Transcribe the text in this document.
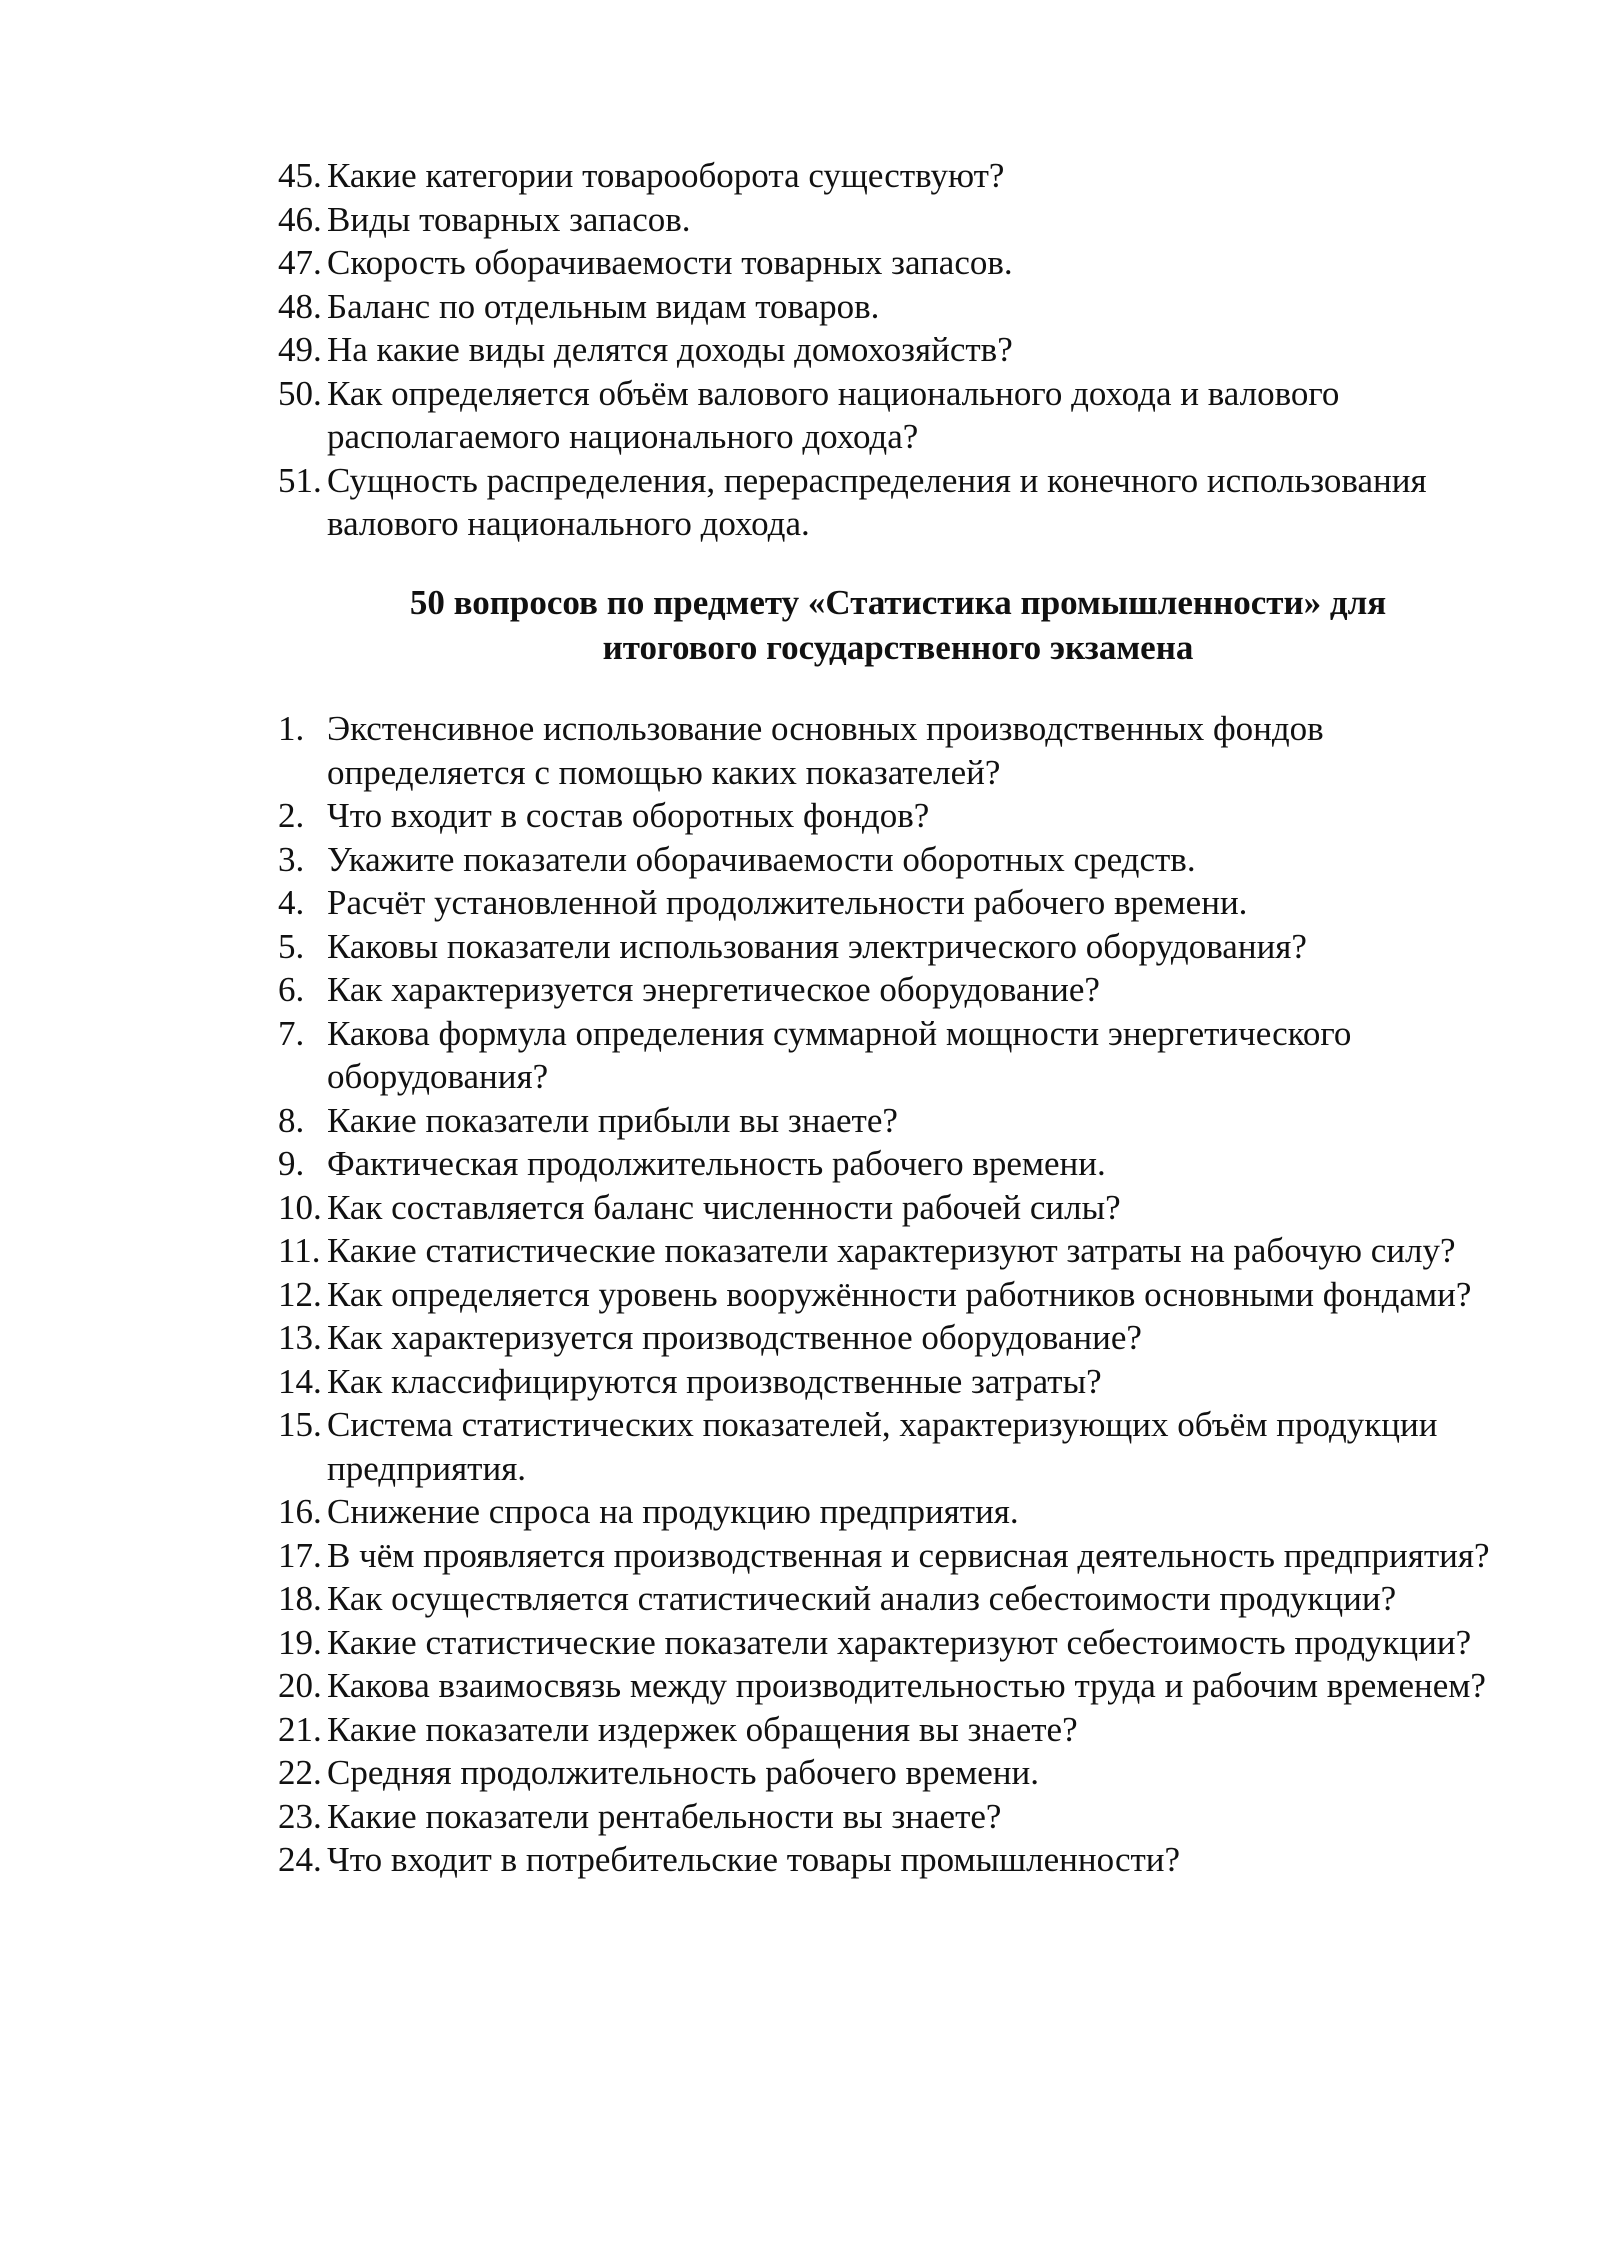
45. Какие категории товарооборота существуют?
46. Виды товарных запасов.
47. Скорость оборачиваемости товарных запасов.
48. Баланс по отдельным видам товаров.
49. На какие виды делятся доходы домохозяйств?
50. Как определяется объём валового национального дохода и валового располагаемого национального дохода?
51. Сущность распределения, перераспределения и конечного использования валового национального дохода.
50 вопросов по предмету «Статистика промышленности» для
итогового государственного экзамена
1. Экстенсивное использование основных производственных фондов определяется с помощью каких показателей?
2. Что входит в состав оборотных фондов?
3. Укажите показатели оборачиваемости оборотных средств.
4. Расчёт установленной продолжительности рабочего времени.
5. Каковы показатели использования электрического оборудования?
6. Как характеризуется энергетическое оборудование?
7. Какова формула определения суммарной мощности энергетического оборудования?
8. Какие показатели прибыли вы знаете?
9. Фактическая продолжительность рабочего времени.
10. Как составляется баланс численности рабочей силы?
11. Какие статистические показатели характеризуют затраты на рабочую силу?
12. Как определяется уровень вооружённости работников основными фондами?
13. Как характеризуется производственное оборудование?
14. Как классифицируются производственные затраты?
15. Система статистических показателей, характеризующих объём продукции предприятия.
16. Снижение спроса на продукцию предприятия.
17. В чём проявляется производственная и сервисная деятельность предприятия?
18. Как осуществляется статистический анализ себестоимости продукции?
19. Какие статистические показатели характеризуют себестоимость продукции?
20. Какова взаимосвязь между производительностью труда и рабочим временем?
21. Какие показатели издержек обращения вы знаете?
22. Средняя продолжительность рабочего времени.
23. Какие показатели рентабельности вы знаете?
24. Что входит в потребительские товары промышленности?
